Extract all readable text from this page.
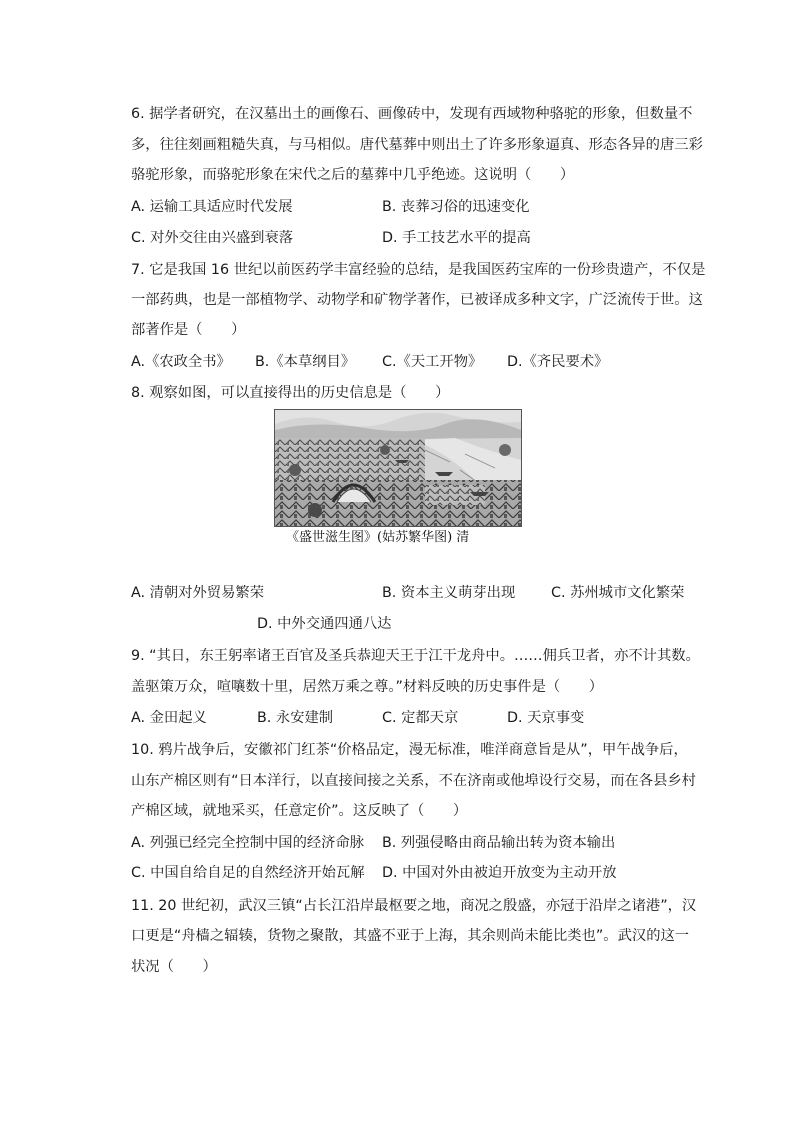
6. 据学者研究，在汉墓出土的画像石、画像砖中，发现有西域物种骆驼的形象，但数量不
多，往往刻画粗糙失真，与马相似。唐代墓葬中则出土了许多形象逼真、形态各异的唐三彩
骆驼形象，而骆驼形象在宋代之后的墓葬中几乎绝迹。这说明（　　）
A. 运输工具适应时代发展	B. 丧葬习俗的迅速变化
C. 对外交往由兴盛到衰落	D. 手工技艺水平的提高
7. 它是我国 16 世纪以前医药学丰富经验的总结，是我国医药宝库的一份珍贵遗产，不仅是
一部药典，也是一部植物学、动物学和矿物学著作，已被译成多种文字，广泛流传于世。这
部著作是（　　）
A.《农政全书》 B.《本草纲目》 C.《天工开物》 D.《齐民要术》
8. 观察如图，可以直接得出的历史信息是（　　）
《盛世滋生图》(姑苏繁华图) 清
A. 清朝对外贸易繁荣	B. 资本主义萌芽出现 C. 苏州城市文化繁荣
D. 中外交通四通八达
9. “其日，东王躬率诸王百官及圣兵恭迎天王于江干龙舟中。……佣兵卫者，亦不计其数。
盖驱策万众，喧嚷数十里，居然万乘之尊。”材料反映的历史事件是（　　）
A. 金田起义	B. 永安建制	C. 定都天京	D. 天京事变
10. 鸦片战争后，安徽祁门红茶“价格品定，漫无标准，唯洋商意旨是从”，甲午战争后，
山东产棉区则有“日本洋行，以直接间接之关系，不在济南或他埠设行交易，而在各县乡村
产棉区域，就地采买，任意定价”。这反映了（　　）
A. 列强已经完全控制中国的经济命脉 B. 列强侵略由商品输出转为资本输出
C. 中国自给自足的自然经济开始瓦解 D. 中国对外由被迫开放变为主动开放
11. 20 世纪初，武汉三镇“占长江沿岸最枢要之地，商况之殷盛，亦冠于沿岸之诸港”，汉
口更是“舟樯之辐辏，货物之聚散，其盛不亚于上海，其余则尚未能比类也”。武汉的这一
状况（　　）
